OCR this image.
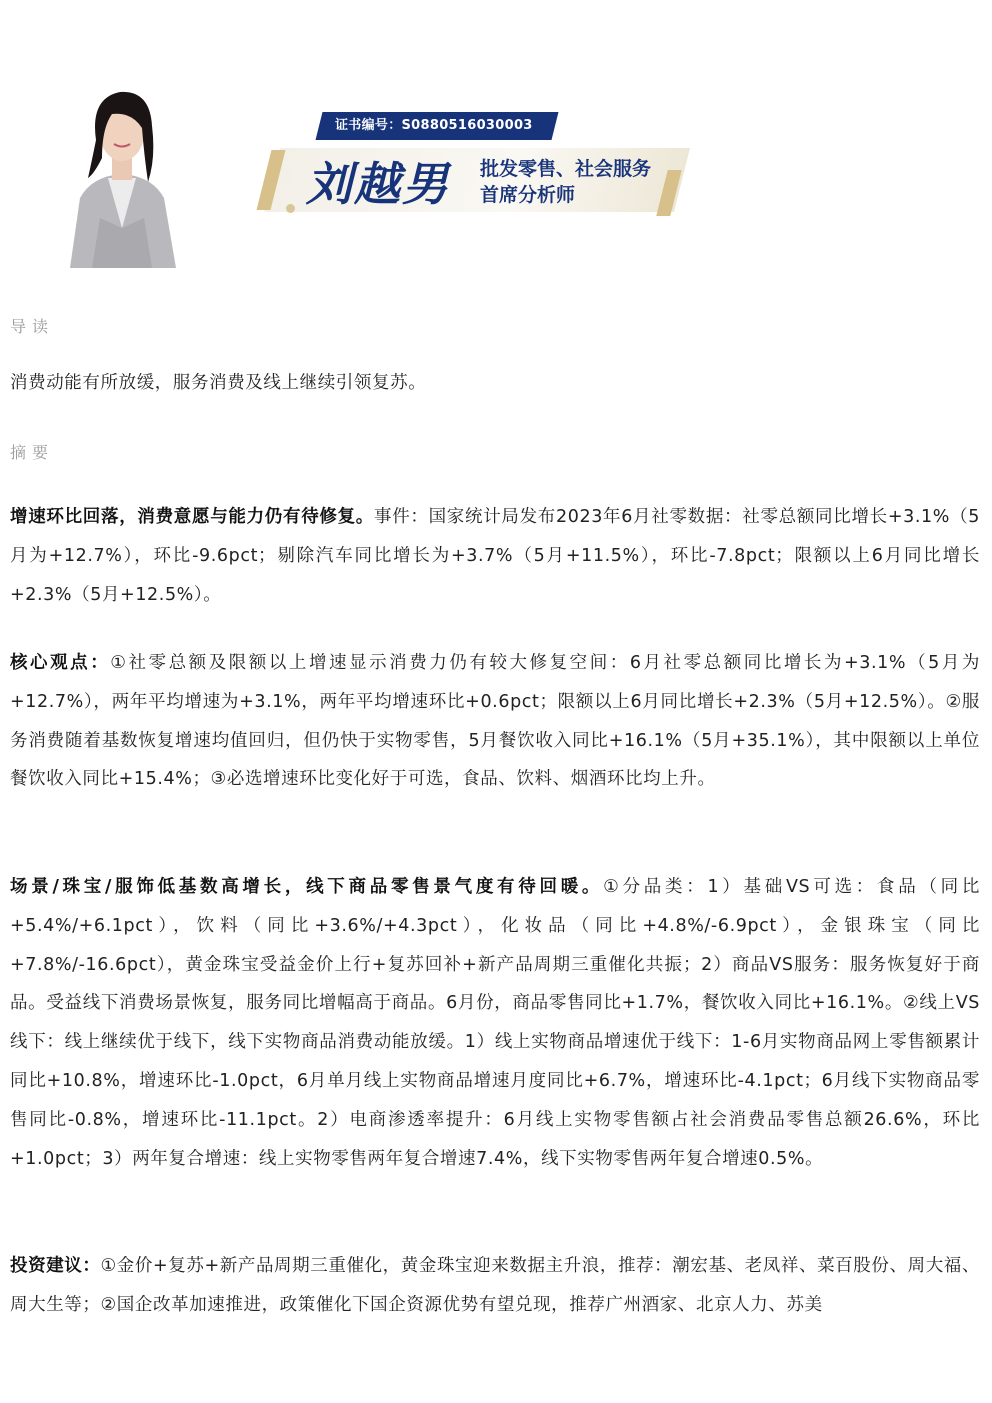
证书编号：S0880516030003
刘越男 批发零售、社会服务
首席分析师
导读
消费动能有所放缓，服务消费及线上继续引领复苏。
摘要
增速环比回落，消费意愿与能力仍有待修复。事件：国家统计局发布2023年6月社零数据：社零总额同比增长+3.1%（5月为+12.7%），环比-9.6pct；剔除汽车同比增长为+3.7%（5月+11.5%），环比-7.8pct；限额以上6月同比增长+2.3%（5月+12.5%）。
核心观点：①社零总额及限额以上增速显示消费力仍有较大修复空间：6月社零总额同比增长为+3.1%（5月为+12.7%），两年平均增速为+3.1%，两年平均增速环比+0.6pct；限额以上6月同比增长+2.3%（5月+12.5%）。②服务消费随着基数恢复增速均值回归，但仍快于实物零售，5月餐饮收入同比+16.1%（5月+35.1%），其中限额以上单位餐饮收入同比+15.4%；③必选增速环比变化好于可选，食品、饮料、烟酒环比均上升。
场景/珠宝/服饰低基数高增长，线下商品零售景气度有待回暖。①分品类：1）基础VS可选：食品（同比+5.4%/+6.1pct），饮料（同比+3.6%/+4.3pct），化妆品（同比+4.8%/-6.9pct），金银珠宝（同比+7.8%/-16.6pct），黄金珠宝受益金价上行+复苏回补+新产品周期三重催化共振；2）商品VS服务：服务恢复好于商品。受益线下消费场景恢复，服务同比增幅高于商品。6月份，商品零售同比+1.7%，餐饮收入同比+16.1%。②线上VS线下：线上继续优于线下，线下实物商品消费动能放缓。1）线上实物商品增速优于线下：1-6月实物商品网上零售额累计同比+10.8%，增速环比-1.0pct，6月单月线上实物商品增速月度同比+6.7%，增速环比-4.1pct；6月线下实物商品零售同比-0.8%，增速环比-11.1pct。2）电商渗透率提升：6月线上实物零售额占社会消费品零售总额26.6%，环比+1.0pct；3）两年复合增速：线上实物零售两年复合增速7.4%，线下实物零售两年复合增速0.5%。
投资建议：①金价+复苏+新产品周期三重催化，黄金珠宝迎来数据主升浪，推荐：潮宏基、老凤祥、菜百股份、周大福、周大生等；②国企改革加速推进，政策催化下国企资源优势有望兑现，推荐广州酒家、北京人力、苏美
